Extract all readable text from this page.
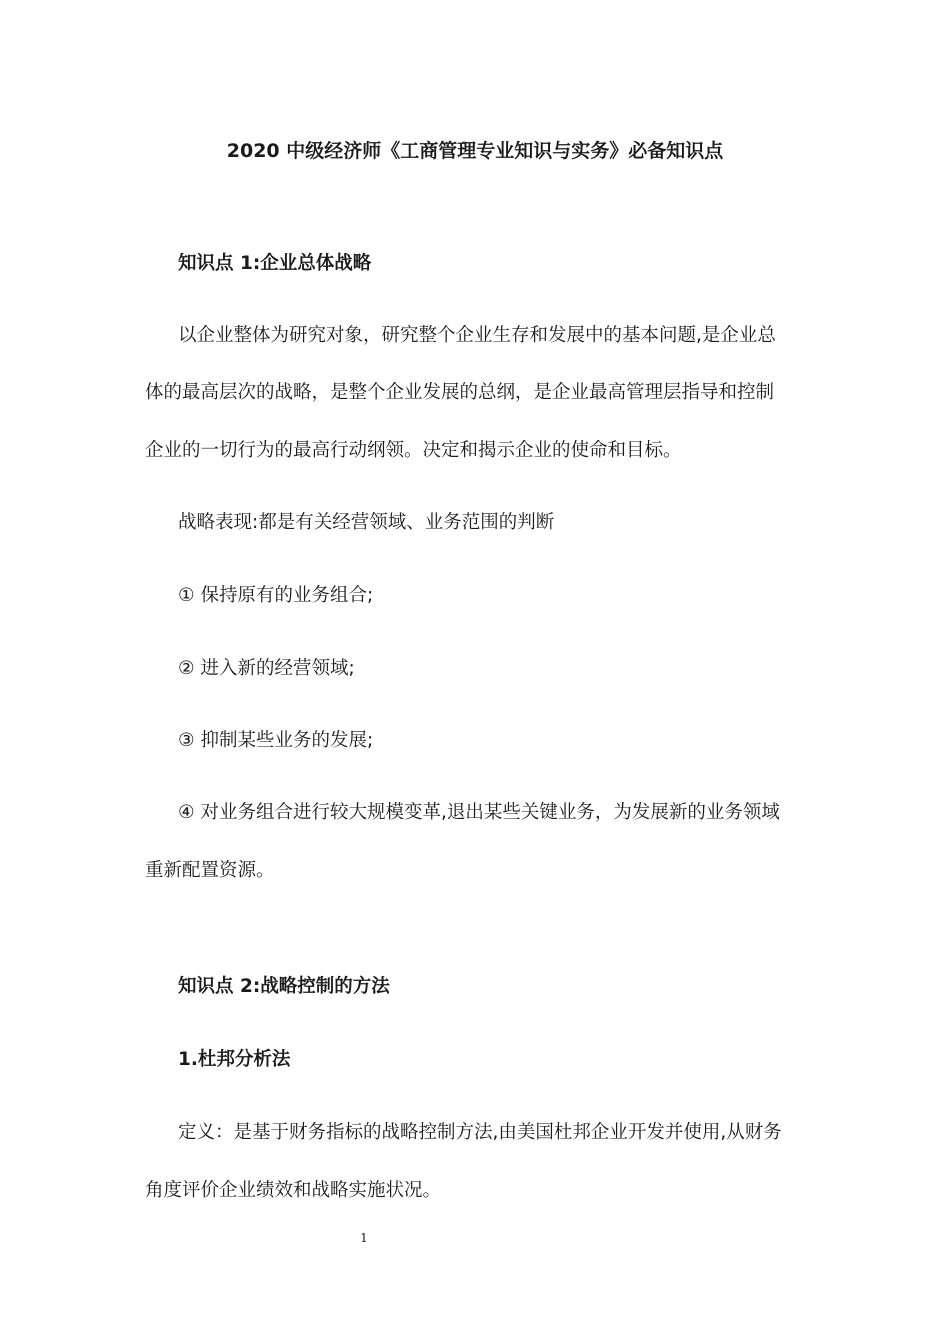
2020 中级经济师《工商管理专业知识与实务》必备知识点
知识点 1:企业总体战略
以企业整体为研究对象，研究整个企业生存和发展中的基本问题,是企业总
体的最高层次的战略，是整个企业发展的总纲，是企业最高管理层指导和控制
企业的一切行为的最高行动纲领。决定和揭示企业的使命和目标。
战略表现:都是有关经营领域、业务范围的判断
① 保持原有的业务组合;
② 进入新的经营领域;
③ 抑制某些业务的发展;
④ 对业务组合进行较大规模变革,退出某些关键业务，为发展新的业务领域
重新配置资源。
知识点 2:战略控制的方法
1.杜邦分析法
定义：是基于财务指标的战略控制方法,由美国杜邦企业开发并使用,从财务
角度评价企业绩效和战略实施状况。
1
